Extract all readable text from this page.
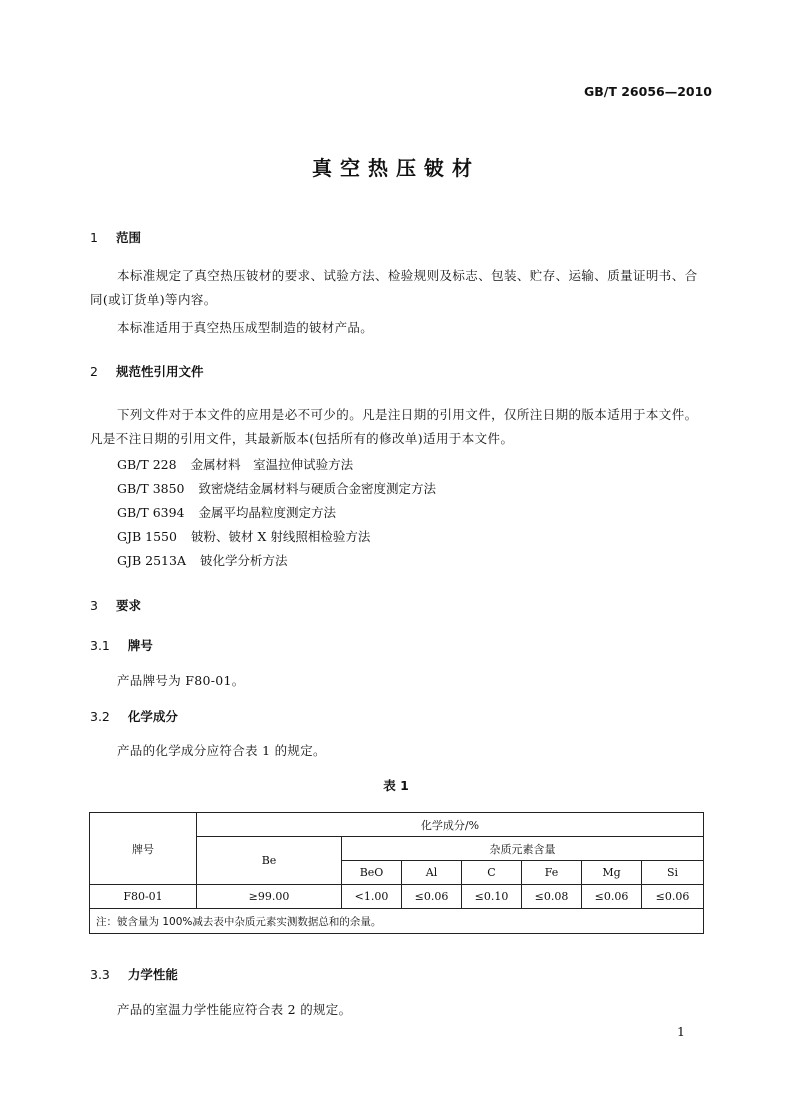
GB/T 26056—2010
真空热压铍材
1 范围
本标准规定了真空热压铍材的要求、试验方法、检验规则及标志、包装、贮存、运输、质量证明书、合同(或订货单)等内容。
本标准适用于真空热压成型制造的铍材产品。
2 规范性引用文件
下列文件对于本文件的应用是必不可少的。凡是注日期的引用文件，仅所注日期的版本适用于本文件。凡是不注日期的引用文件，其最新版本(包括所有的修改单)适用于本文件。
GB/T 228 金属材料　室温拉伸试验方法
GB/T 3850 致密烧结金属材料与硬质合金密度测定方法
GB/T 6394 金属平均晶粒度测定方法
GJB 1550 铍粉、铍材 X 射线照相检验方法
GJB 2513A 铍化学分析方法
3 要求
3.1 牌号
产品牌号为 F80-01。
3.2 化学成分
产品的化学成分应符合表 1 的规定。
表 1
牌号	化学成分/%						
	Be	杂质元素含量					
		BeO	Al	C	Fe	Mg	Si
F80-01	≥99.00	<1.00	≤0.06	≤0.10	≤0.08	≤0.06	≤0.06
注：铍含量为 100%减去表中杂质元素实测数据总和的余量。							
3.3 力学性能
产品的室温力学性能应符合表 2 的规定。
1
